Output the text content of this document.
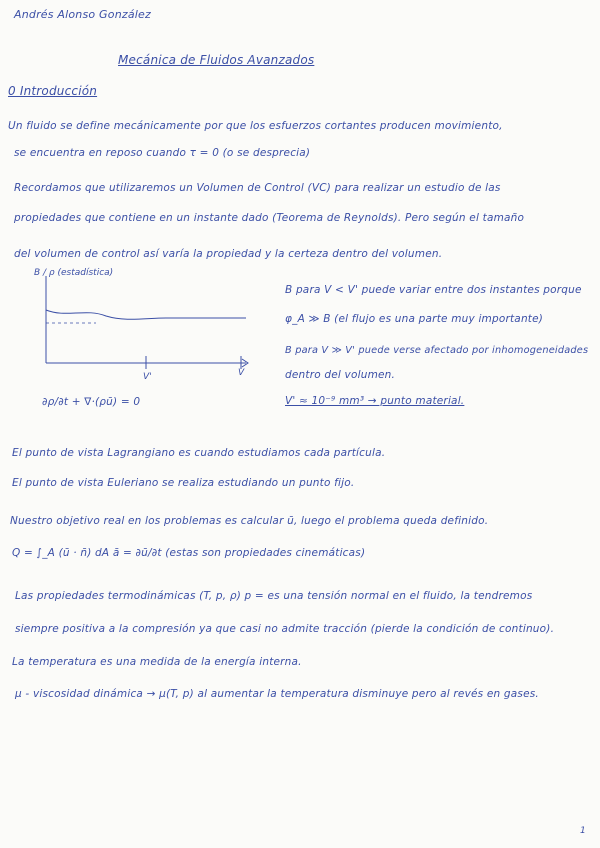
Andrés Alonso González
Mecánica de Fluidos Avanzados
0 Introducción
Un fluido se define mecánicamente por que los esfuerzos cortantes producen movimiento,
se encuentra en reposo cuando τ = 0 (o se desprecia)
Recordamos que utilizaremos un Volumen de Control (VC) para realizar un estudio de las
propiedades que contiene en un instante dado (Teorema de Reynolds). Pero según el tamaño
del volumen de control así varía la propiedad y la certeza dentro del volumen.
B / ρ (estadística)
V'	V
B para V < V' puede variar entre dos instantes porque
φ_A ≫ B (el flujo es una parte muy importante)
B para V ≫ V' puede verse afectado por inhomogeneidades
dentro del volumen.
V' ≈ 10⁻⁹ mm³ → punto material.
∂ρ/∂t + ∇·(ρū) = 0
El punto de vista Lagrangiano es cuando estudiamos cada partícula.
El punto de vista Euleriano se realiza estudiando un punto fijo.
Nuestro objetivo real en los problemas es calcular ū, luego el problema queda definido.
Q = ∫_A (ū · n̄) dA ā = ∂ū/∂t (estas son propiedades cinemáticas)
Las propiedades termodinámicas (T, p, ρ) p = es una tensión normal en el fluido, la tendremos
siempre positiva a la compresión ya que casi no admite tracción (pierde la condición de continuo).
La temperatura es una medida de la energía interna.
μ - viscosidad dinámica → μ(T, p) al aumentar la temperatura disminuye pero al revés en gases.
1
